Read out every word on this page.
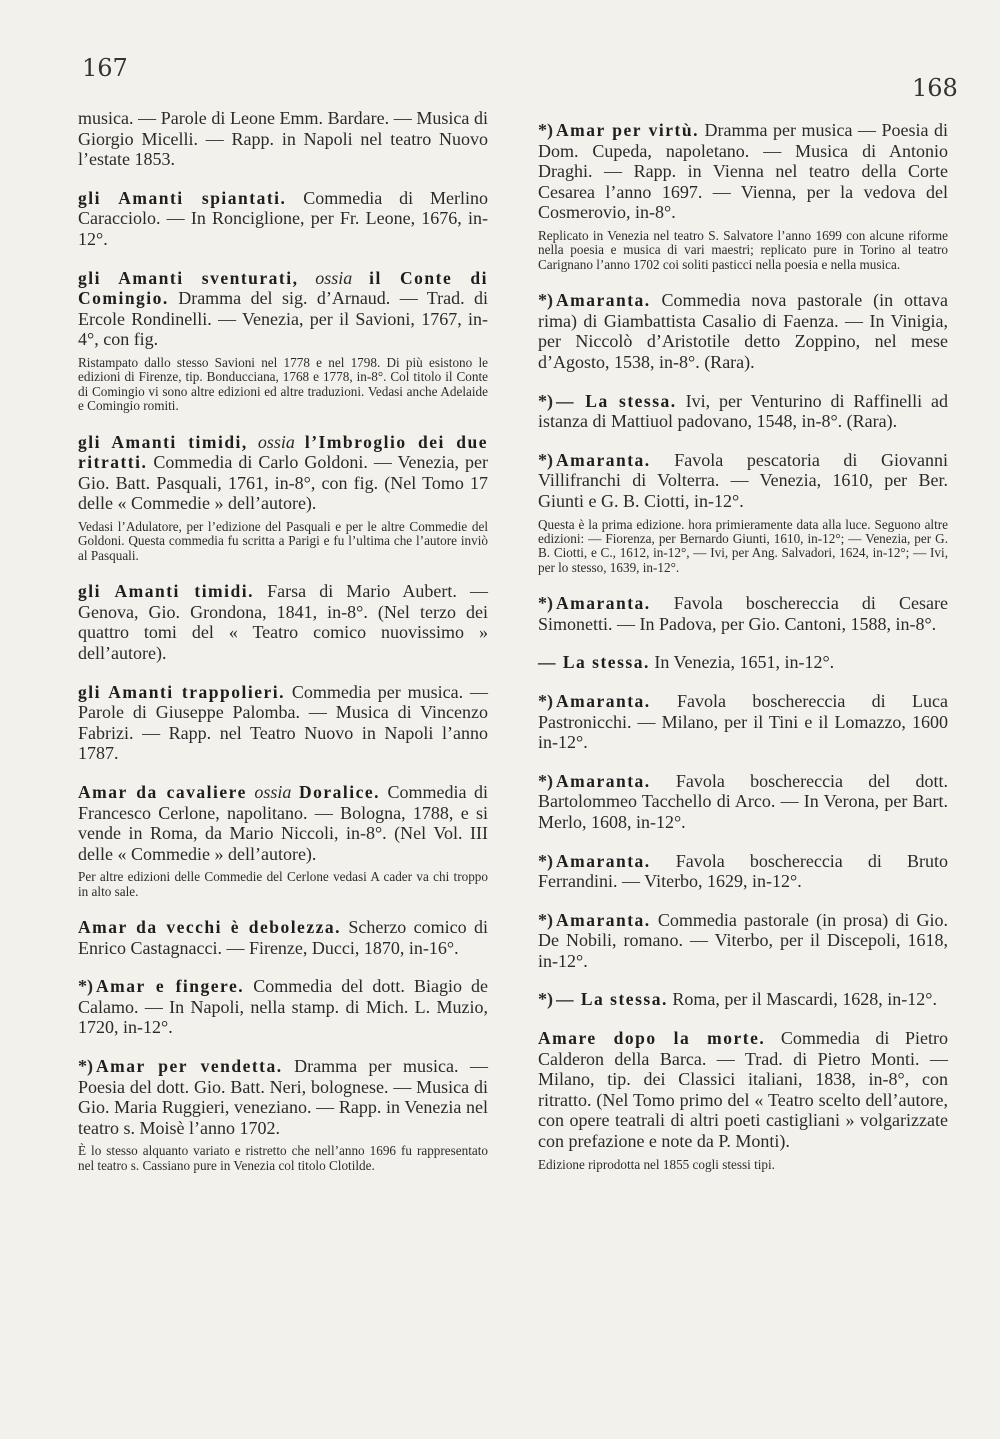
167
168
musica. — Parole di Leone Emm. Bardare. — Musica di Giorgio Micelli. — Rapp. in Napoli nel teatro Nuovo l’estate 1853.
gli Amanti spiantati. Commedia di Merlino Caracciolo. — In Ronciglione, per Fr. Leone, 1676, in-12°.
gli Amanti sventurati, ossia il Conte di Comingio. Dramma del sig. d’Arnaud. — Trad. di Ercole Rondinelli. — Venezia, per il Savioni, 1767, in-4°, con fig.
Ristampato dallo stesso Savioni nel 1778 e nel 1798. Di più esistono le edizioni di Firenze, tip. Bonducciana, 1768 e 1778, in-8°. Col titolo il Conte di Comingio vi sono altre edizioni ed altre traduzioni. Vedasi anche Adelaide e Comingio romiti.
gli Amanti timidi, ossia l’Imbroglio dei due ritratti. Commedia di Carlo Goldoni. — Venezia, per Gio. Batt. Pasquali, 1761, in-8°, con fig. (Nel Tomo 17 delle « Commedie » dell’autore).
Vedasi l’Adulatore, per l’edizione del Pasquali e per le altre Commedie del Goldoni. Questa commedia fu scritta a Parigi e fu l’ultima che l’autore inviò al Pasquali.
gli Amanti timidi. Farsa di Mario Aubert. — Genova, Gio. Grondona, 1841, in-8°. (Nel terzo dei quattro tomi del « Teatro comico nuovissimo » dell’autore).
gli Amanti trappolieri. Commedia per musica. — Parole di Giuseppe Palomba. — Musica di Vincenzo Fabrizi. — Rapp. nel Teatro Nuovo in Napoli l’anno 1787.
Amar da cavaliere ossia Doralice. Commedia di Francesco Cerlone, napolitano. — Bologna, 1788, e si vende in Roma, da Mario Niccoli, in-8°. (Nel Vol. III delle « Commedie » dell’autore).
Per altre edizioni delle Commedie del Cerlone vedasi A cader va chi troppo in alto sale.
Amar da vecchi è debolezza. Scherzo comico di Enrico Castagnacci. — Firenze, Ducci, 1870, in-16°.
*) Amar e fingere. Commedia del dott. Biagio de Calamo. — In Napoli, nella stamp. di Mich. L. Muzio, 1720, in-12°.
*) Amar per vendetta. Dramma per musica. — Poesia del dott. Gio. Batt. Neri, bolognese. — Musica di Gio. Maria Ruggieri, veneziano. — Rapp. in Venezia nel teatro s. Moisè l’anno 1702.
È lo stesso alquanto variato e ristretto che nell’anno 1696 fu rappresentato nel teatro s. Cassiano pure in Venezia col titolo Clotilde.
*) Amar per virtù. Dramma per musica — Poesia di Dom. Cupeda, napoletano. — Musica di Antonio Draghi. — Rapp. in Vienna nel teatro della Corte Cesarea l’anno 1697. — Vienna, per la vedova del Cosmerovio, in-8°.
Replicato in Venezia nel teatro S. Salvatore l’anno 1699 con alcune riforme nella poesia e musica di vari maestri; replicato pure in Torino al teatro Carignano l’anno 1702 coi soliti pasticci nella poesia e nella musica.
*) Amaranta. Commedia nova pastorale (in ottava rima) di Giambattista Casalio di Faenza. — In Vinigia, per Niccolò d’Aristotile detto Zoppino, nel mese d’Agosto, 1538, in-8°. (Rara).
*) — La stessa. Ivi, per Venturino di Raffinelli ad istanza di Mattiuol padovano, 1548, in-8°. (Rara).
*) Amaranta. Favola pescatoria di Giovanni Villifranchi di Volterra. — Venezia, 1610, per Ber. Giunti e G. B. Ciotti, in-12°.
Questa è la prima edizione. hora primieramente data alla luce. Seguono altre edizioni: — Fiorenza, per Bernardo Giunti, 1610, in-12°; — Venezia, per G. B. Ciotti, e C., 1612, in-12°, — Ivi, per Ang. Salvadori, 1624, in-12°; — Ivi, per lo stesso, 1639, in-12°.
*) Amaranta. Favola boschereccia di Cesare Simonetti. — In Padova, per Gio. Cantoni, 1588, in-8°.
— La stessa. In Venezia, 1651, in-12°.
*) Amaranta. Favola boschereccia di Luca Pastronicchi. — Milano, per il Tini e il Lomazzo, 1600 in-12°.
*) Amaranta. Favola boschereccia del dott. Bartolommeo Tacchello di Arco. — In Verona, per Bart. Merlo, 1608, in-12°.
*) Amaranta. Favola boschereccia di Bruto Ferrandini. — Viterbo, 1629, in-12°.
*) Amaranta. Commedia pastorale (in prosa) di Gio. De Nobili, romano. — Viterbo, per il Discepoli, 1618, in-12°.
*) — La stessa. Roma, per il Mascardi, 1628, in-12°.
Amare dopo la morte. Commedia di Pietro Calderon della Barca. — Trad. di Pietro Monti. — Milano, tip. dei Classici italiani, 1838, in-8°, con ritratto. (Nel Tomo primo del « Teatro scelto dell’autore, con opere teatrali di altri poeti castigliani » volgarizzate con prefazione e note da P. Monti).
Edizione riprodotta nel 1855 cogli stessi tipi.
